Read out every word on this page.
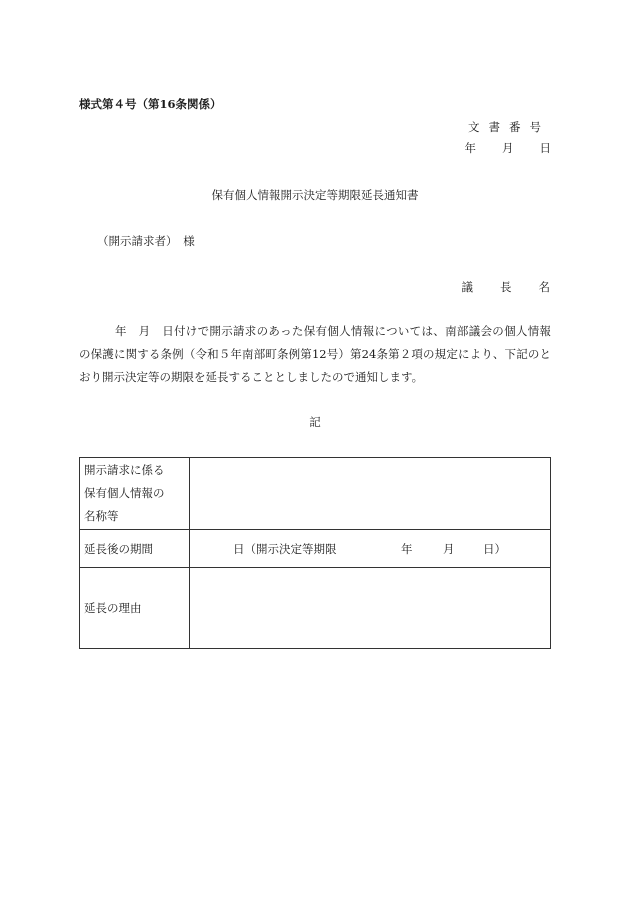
様式第４号（第16条関係）
文書番号
年 月 日
保有個人情報開示決定等期限延長通知書
（開示請求者）　様
議 長 名
年　月　日付けで開示請求のあった保有個人情報については、南部議会の個人情報の保護に関する条例（令和５年南部町条例第12号）第24条第２項の規定により、下記のとおり開示決定等の期限を延長することとしましたので通知します。
記
開示請求に係る
保有個人情報の
名称等	

延長後の期間	日（開示決定等期限 年 月 日）

延長の理由	
